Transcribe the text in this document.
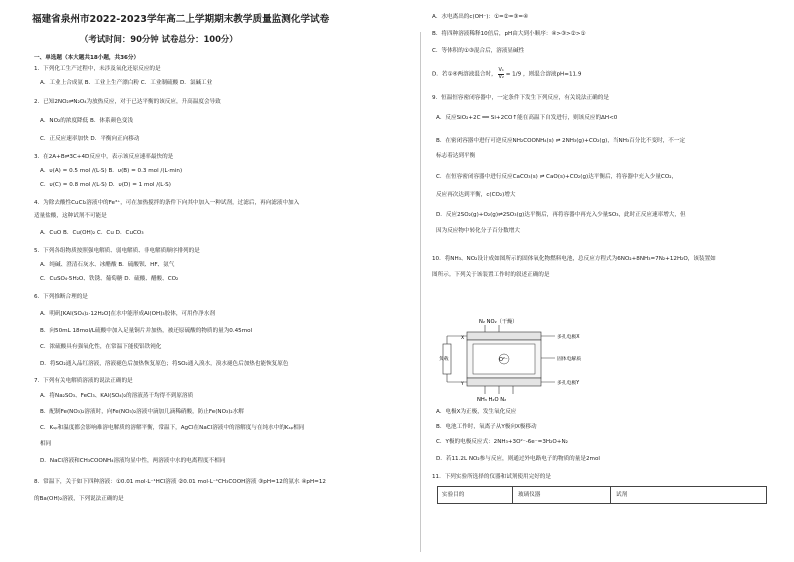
福建省泉州市2022-2023学年高二上学期期末教学质量监测化学试卷
（考试时间：90分钟 试卷总分：100分）
一、单选题（本大题共18小题，共36分）
1．下列化工生产过程中，未涉及氧化还原反应的是
A．工业上合成氨 B．工业上生产漂白粉 C．工业制硫酸 D．氯碱工业
2．已知2NO₂⇌N₂O₄为放热反应，对于已达平衡的该反应，升高温度会导致
A．NO₂的浓度降低 B．体系颜色变浅
C．正反应速率加快 D．平衡向正向移动
3．在2A+B⇌3C+4D反应中，表示该反应速率最快的是
A．υ(A) = 0.5 mol /(L·S) B．υ(B) = 0.3 mol /(L·min)
C．υ(C) = 0.8 mol /(L·S) D．υ(D) = 1 mol /(L·S)
4．为除去酸性CuCl₂溶液中的Fe³⁺，可在加热搅拌的条件下向其中加入一种试剂，过滤后，再向滤液中加入
适量盐酸，这种试剂不可能是
A．CuO B．Cu(OH)₂ C．Cu D．CuCO₃
5．下列各组物质按照强电解质、弱电解质、非电解质顺序排列的是
A．纯碱、澄清石灰水、冰醋酸 B．硫酸钡、HF、氨气
C．CuSO₄·5H₂O、铁锈、葡萄糖 D．硫酸、醋酸、CO₂
6．下列推断合理的是
A．明矾[KAl(SO₄)₂·12H₂O]在水中能形成Al(OH)₃胶体，可用作净水剂
B．向50mL 18mol/L硫酸中加入足量铜片并加热，被还原硫酸的物质的量为0.45mol
C．浓硫酸具有强氧化性，在常温下能使铝铁钝化
D．将SO₂通入品红溶液，溶液褪色后加热恢复原色；将SO₂通入溴水，溴水褪色后加热也能恢复原色
7．下列有关电解质溶液的说法正确的是
A．将Na₂SO₃、FeCl₃、KAl(SO₄)₂的溶液蒸干均得不到原溶质
B．配制Fe(NO₃)₂溶液时，向Fe(NO₃)₂溶液中滴加几滴稀硝酸，防止Fe(NO₃)₂水解
C．Kₛₚ和温度都会影响难溶电解质的溶解平衡，常温下，AgCl在NaCl溶液中的溶解度与在纯水中的Kₛₚ相同
相同
D．NaCl溶液和CH₃COONH₄溶液均显中性，两溶液中水的电离程度不相同
8．常温下，关于如下四种溶液：①0.01 mol·L⁻¹HCl溶液 ②0.01 mol·L⁻¹CH₃COOH溶液 ③pH=12的氨水 ④pH=12
的Ba(OH)₂溶液，下列说法正确的是
A．水电离出的c(OH⁻)：①=②=③=④
B．将四种溶液稀释10倍后，pH由大到小顺序：④>③>②>①
C．等体积的①③混合后，溶液显碱性
D．若①④两溶液混合时， $\frac{\text{V₁}}{\text{V₂}} = 1/9$ ，则混合溶液pH=11.9
9．恒温恒容密闭容器中，一定条件下发生下列反应，有关说法正确的是
A．反应SiO₂+2C ══ Si+2CO↑能在高温下自发进行，则该反应的ΔH<0
B．在密闭容器中进行可逆反应NH₂COONH₄(s) ⇌ 2NH₃(g)+CO₂(g)，当NH₃百分比不变时，不一定
标志着达到平衡
C．在恒容密闭容器中进行反应CaCO₃(s) ⇌ CaO(s)+CO₂(g)达平衡后，将容器中充入少量CO₂，
反应再次达到平衡，c(CO₂)增大
D．反应2SO₂(g)+O₂(g)⇌2SO₃(g)达平衡后，再将容器中再充入少量SO₃，此时正反应速率增大，但
因为反应物中转化分子百分数增大
10．将NH₃、NO₂设计成如图所示的固体氧化物燃料电池，总反应方程式为6NO₂+8NH₃=7N₂+12H₂O，该装置如
图所示。下列关于该装置工作时的叙述正确的是
N₂ NO₂（干燥）
负载	O²⁻
X
Y
NH₃ H₂O N₂
多孔电极X
固体电解质
多孔电极Y
A．电极X为正极，发生氧化反应
B．电池工作时，氧离子从Y极向X极移动
C．Y极的电极反应式：2NH₃+3O²⁻-6e⁻=3H₂O+N₂
D．若11.2L NO₂参与反应，则通过外电路电子的物质的量是2mol
11．下列实验所选择的仪器和试剂使用完好的是
实验目的	玻璃仪器	试剂
